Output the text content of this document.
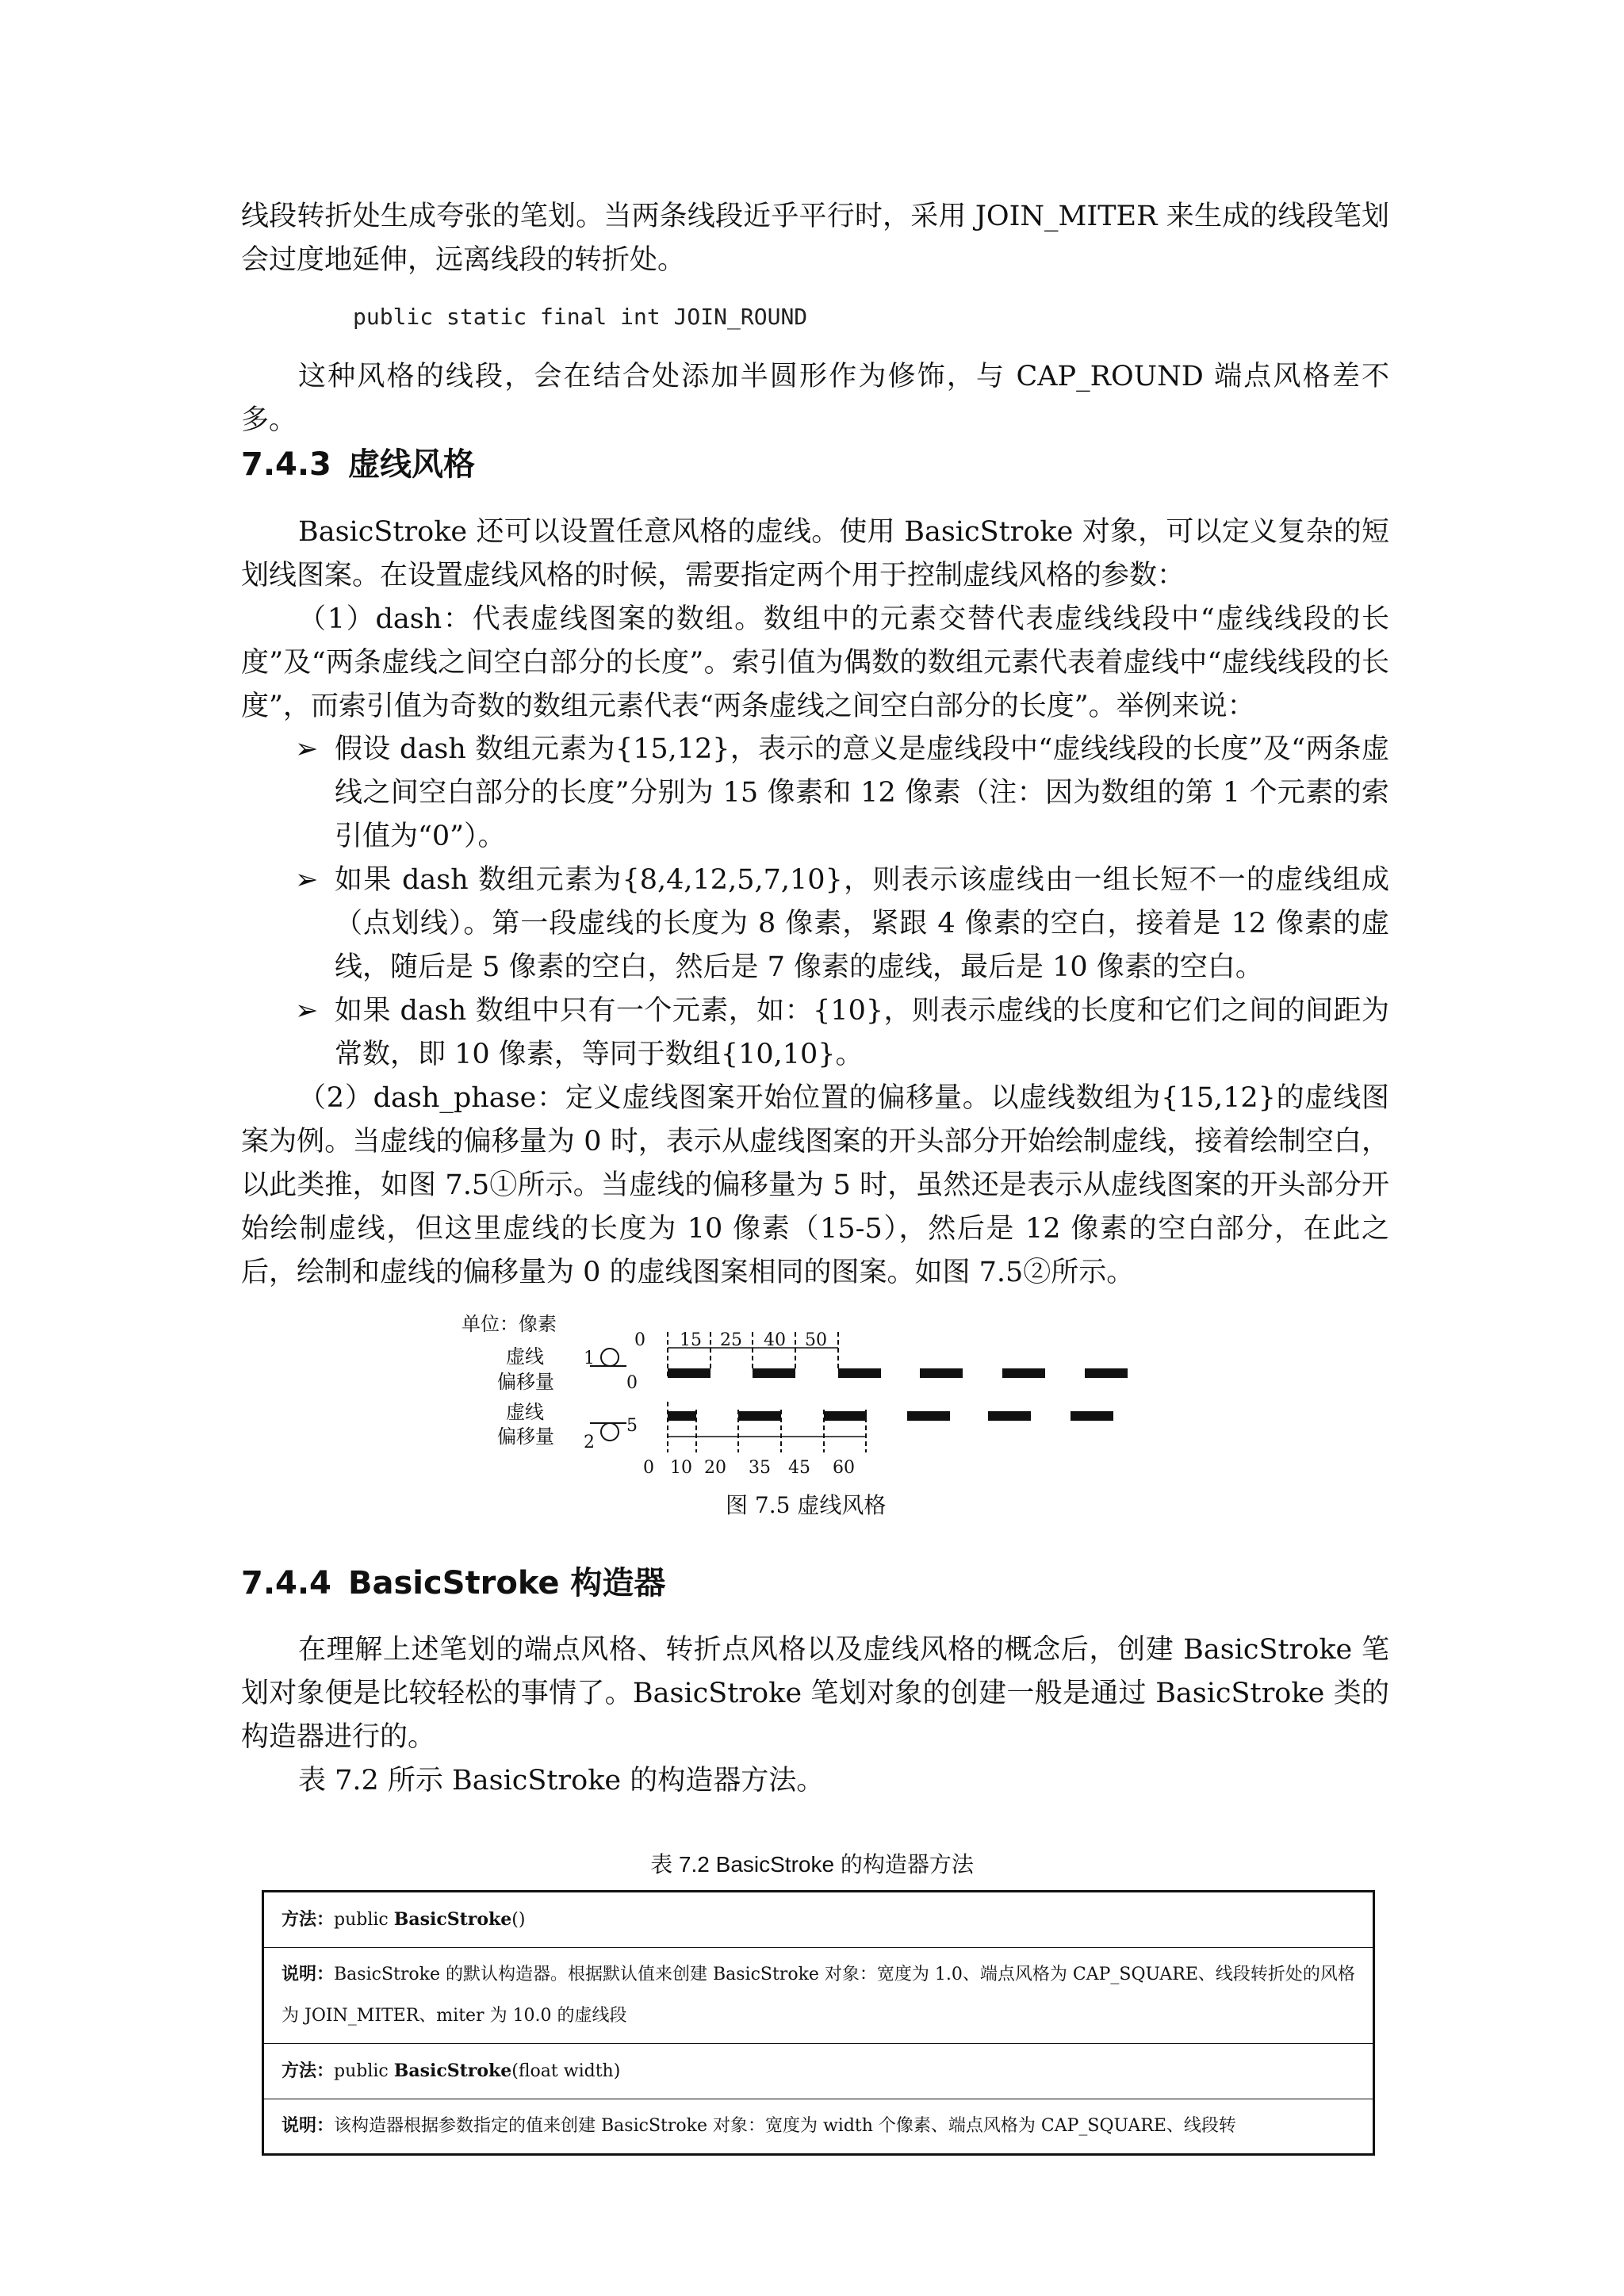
线段转折处生成夸张的笔划。当两条线段近乎平行时，采用 JOIN_MITER 来生成的线段笔划会过度地延伸，远离线段的转折处。

public static final int JOIN_ROUND

这种风格的线段，会在结合处添加半圆形作为修饰，与 CAP_ROUND 端点风格差不多。

7.4.3 虚线风格

BasicStroke 还可以设置任意风格的虚线。使用 BasicStroke 对象，可以定义复杂的短划线图案。在设置虚线风格的时候，需要指定两个用于控制虚线风格的参数：

（1）dash：代表虚线图案的数组。数组中的元素交替代表虚线线段中“虚线线段的长度”及“两条虚线之间空白部分的长度”。索引值为偶数的数组元素代表着虚线中“虚线线段的长度”，而索引值为奇数的数组元素代表“两条虚线之间空白部分的长度”。举例来说：

➢ 假设 dash 数组元素为{15,12}，表示的意义是虚线段中“虚线线段的长度”及“两条虚线之间空白部分的长度”分别为 15 像素和 12 像素（注：因为数组的第 1 个元素的索引值为“0”）。
➢ 如果 dash 数组元素为{8,4,12,5,7,10}，则表示该虚线由一组长短不一的虚线组成（点划线）。第一段虚线的长度为 8 像素，紧跟 4 像素的空白，接着是 12 像素的虚线，随后是 5 像素的空白，然后是 7 像素的虚线，最后是 10 像素的空白。
➢ 如果 dash 数组中只有一个元素，如：{10}，则表示虚线的长度和它们之间的间距为常数，即 10 像素，等同于数组{10,10}。

（2）dash_phase：定义虚线图案开始位置的偏移量。以虚线数组为{15,12}的虚线图案为例。当虚线的偏移量为 0 时，表示从虚线图案的开头部分开始绘制虚线，接着绘制空白，以此类推，如图 7.5①所示。当虚线的偏移量为 5 时，虽然还是表示从虚线图案的开头部分开始绘制虚线，但这里虚线的长度为 10 像素（15-5），然后是 12 像素的空白部分，在此之后，绘制和虚线的偏移量为 0 的虚线图案相同的图案。如图 7.5②所示。

单位：像素
虚线
偏移量
1
0
虚线
偏移量 2
5
0 15 25 40 50
0 10 20 35 45 60
图 7.5 虚线风格
7.4.4 BasicStroke 构造器

在理解上述笔划的端点风格、转折点风格以及虚线风格的概念后，创建 BasicStroke 笔划对象便是比较轻松的事情了。BasicStroke 笔划对象的创建一般是通过 BasicStroke 类的构造器进行的。

表 7.2 所示 BasicStroke 的构造器方法。

表 7.2 BasicStroke 的构造器方法
方法：public BasicStroke()
说明：BasicStroke 的默认构造器。根据默认值来创建 BasicStroke 对象：宽度为 1.0、端点风格为 CAP_SQUARE、线段转折处的风格为 JOIN_MITER、miter 为 10.0 的虚线段
方法：public BasicStroke(float width)
说明：该构造器根据参数指定的值来创建 BasicStroke 对象：宽度为 width 个像素、端点风格为 CAP_SQUARE、线段转
